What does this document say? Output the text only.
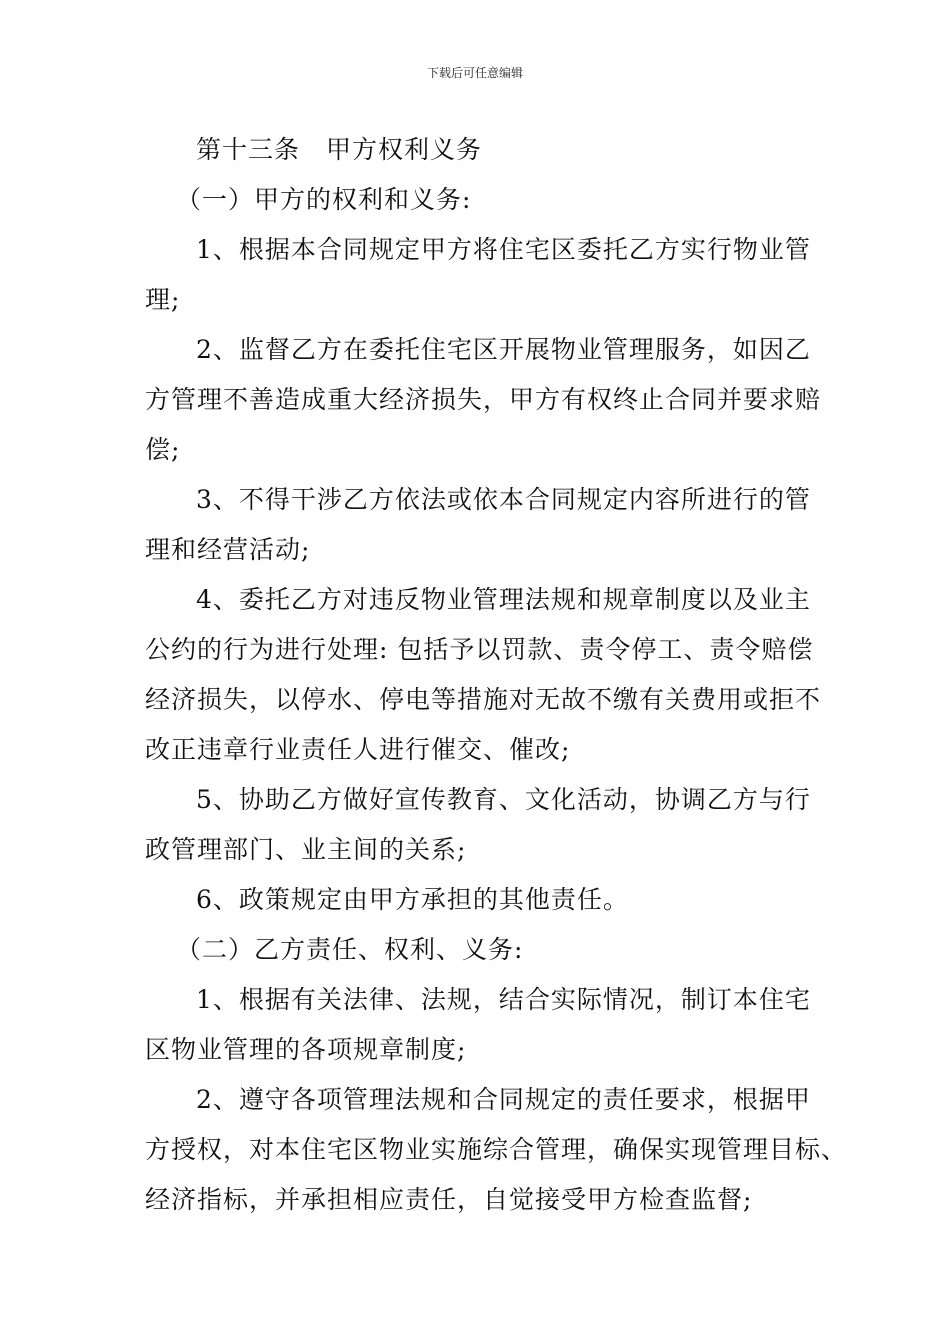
下载后可任意编辑
第十三条　甲方权利义务
（一）甲方的权利和义务:
1、根据本合同规定甲方将住宅区委托乙方实行物业管
理;
2、监督乙方在委托住宅区开展物业管理服务，如因乙
方管理不善造成重大经济损失，甲方有权终止合同并要求赔
偿;
3、不得干涉乙方依法或依本合同规定内容所进行的管
理和经营活动;
4、委托乙方对违反物业管理法规和规章制度以及业主
公约的行为进行处理: 包括予以罚款、责令停工、责令赔偿
经济损失，以停水、停电等措施对无故不缴有关费用或拒不
改正违章行业责任人进行催交、催改;
5、协助乙方做好宣传教育、文化活动，协调乙方与行
政管理部门、业主间的关系;
6、政策规定由甲方承担的其他责任。
（二）乙方责任、权利、义务:
1、根据有关法律、法规，结合实际情况，制订本住宅
区物业管理的各项规章制度;
2、遵守各项管理法规和合同规定的责任要求，根据甲
方授权，对本住宅区物业实施综合管理，确保实现管理目标、
经济指标，并承担相应责任，自觉接受甲方检查监督;
